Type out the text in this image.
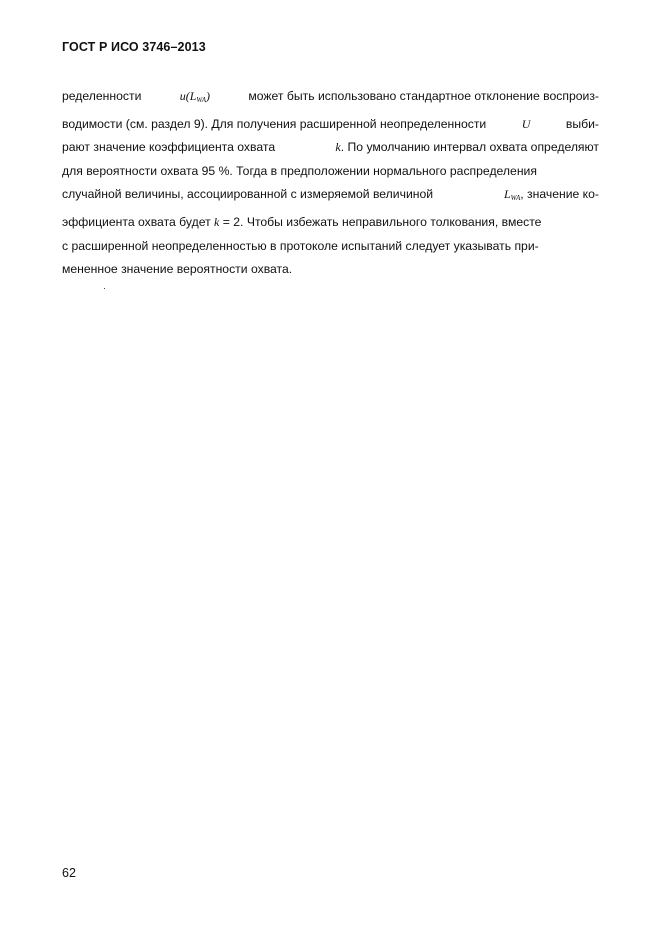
ГОСТ Р ИСО 3746–2013
ределенности	$u(L_{WA})$	может быть использовано стандартное отклонение воспроиз-
водимости (см. раздел 9). Для получения расширенной неопределенности	U	выби-
рают значение коэффициента охвата	k. По умолчанию интервал охвата определяют
для вероятности охвата 95 %. Тогда в предположении нормального распределения
случайной величины, ассоциированной с измеряемой величиной	$L_{WA}$, значение ко-
эффициента охвата будет k = 2. Чтобы избежать неправильного толкования, вместе
с расширенной неопределенностью в протоколе испытаний следует указывать при-
мененное значение вероятности охвата.
·
62
